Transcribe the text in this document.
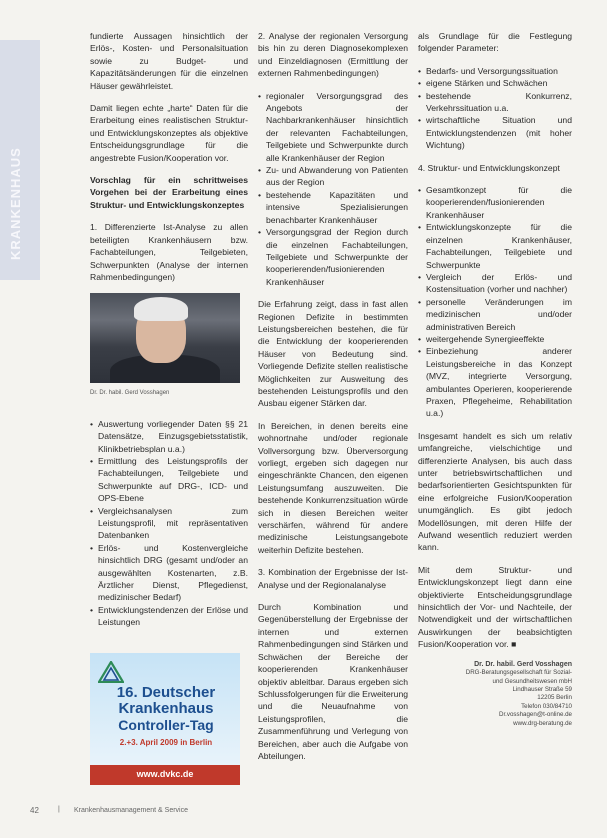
KRANKENHAUS

fundierte Aussagen hinsichtlich der Erlös-, Kosten- und Personalsituation sowie zu Budget- und Kapazitätsänderungen für die einzelnen Häuser gewährleistet.

Damit liegen echte „harte“ Daten für die Erarbeitung eines realistischen Struktur- und Entwicklungskonzeptes als objektive Entscheidungsgrundlage für die angestrebte Fusion/Kooperation vor.

Vorschlag für ein schrittweises Vorgehen bei der Erarbeitung eines Struktur- und Entwicklungskonzeptes

1. Differenzierte Ist-Analyse zu allen beteiligten Krankenhäusern bzw. Fachabteilungen, Teilgebieten, Schwerpunkten (Analyse der internen Rahmenbedingungen)

Dr. Dr. habil. Gerd Vosshagen
• Auswertung vorliegender Daten §§ 21 Datensätze, Einzugsgebietsstatistik, Klinikbetriebsplan u.a.)
• Ermittlung des Leistungsprofils der Fachabteilungen, Teilgebiete und Schwerpunkte auf DRG-, ICD- und OPS-Ebene
• Vergleichsanalysen zum Leistungsprofil, mit repräsentativen Datenbanken
• Erlös- und Kostenvergleiche hinsichtlich DRG (gesamt und/oder an ausgewählten Kostenarten, z.B. Ärztlicher Dienst, Pflegedienst, medizinischer Bedarf)
• Entwicklungstendenzen der Erlöse und Leistungen
16. Deutscher
Krankenhaus
Controller-Tag
2.+3. April 2009 in Berlin
www.dvkc.de

2. Analyse der regionalen Versorgung bis hin zu deren Diagnosekomplexen und Einzeldiagnosen (Ermittlung der externen Rahmenbedingungen)

• regionaler Versorgungsgrad des Angebots der Nachbarkrankenhäuser hinsichtlich der relevanten Fachabteilungen, Teilgebiete und Schwerpunkte durch alle Krankenhäuser der Region
• Zu- und Abwanderung von Patienten aus der Region
• bestehende Kapazitäten und intensive Spezialisierungen benachbarter Krankenhäuser
• Versorgungsgrad der Region durch die einzelnen Fachabteilungen, Teilgebiete und Schwerpunkte der kooperierenden/fusionierenden Krankenhäuser

Die Erfahrung zeigt, dass in fast allen Regionen Defizite in bestimmten Leistungsbereichen bestehen, die für die Entwicklung der kooperierenden Häuser von Bedeutung sind. Vorliegende Defizite stellen realistische Möglichkeiten zur Ausweitung des bestehenden Leistungsprofils und den Ausbau eigener Stärken dar.

In Bereichen, in denen bereits eine wohnortnahe und/oder regionale Vollversorgung bzw. Überversorgung vorliegt, ergeben sich dagegen nur eingeschränkte Chancen, den eigenen Leistungsumfang auszuweiten. Die bestehende Konkurrenzsituation würde sich in diesen Bereichen weiter verschärfen, während für andere medizinische Leistungsangebote weiterhin Defizite bestehen.

3. Kombination der Ergebnisse der Ist-Analyse und der Regionalanalyse

Durch Kombination und Gegenüberstellung der Ergebnisse der internen und externen Rahmenbedingungen sind Stärken und Schwächen der Bereiche der kooperierenden Krankenhäuser objektiv ableitbar. Daraus ergeben sich Schlussfolgerungen für die Erweiterung und die Neuaufnahme von Leistungsprofilen, die Zusammenführung und Verlegung von Bereichen, aber auch die Aufgabe von Abteilungen.

als Grundlage für die Festlegung folgender Parameter:

• Bedarfs- und Versorgungssituation
• eigene Stärken und Schwächen
• bestehende Konkurrenz, Verkehrssituation u.a.
• wirtschaftliche Situation und Entwicklungstendenzen (mit hoher Wichtung)

4. Struktur- und Entwicklungskonzept

• Gesamtkonzept für die kooperierenden/fusionierenden Krankenhäuser
• Entwicklungskonzepte für die einzelnen Krankenhäuser, Fachabteilungen, Teilgebiete und Schwerpunkte
• Vergleich der Erlös- und Kostensituation (vorher und nachher)
• personelle Veränderungen im medizinischen und/oder administrativen Bereich
• weitergehende Synergieeffekte
• Einbeziehung anderer Leistungsbereiche in das Konzept (MVZ, integrierte Versorgung, ambulantes Operieren, kooperierende Praxen, Pflegeheime, Rehabilitation u.a.)

Insgesamt handelt es sich um relativ umfangreiche, vielschichtige und differenzierte Analysen, bis auch dass unter betriebswirtschaftlichen und bedarfsorientierten Gesichtspunkten für eine erfolgreiche Fusion/Kooperation unumgänglich. Es gibt jedoch Modellösungen, mit deren Hilfe der Aufwand wesentlich reduziert werden kann.

Mit dem Struktur- und Entwicklungskonzept liegt dann eine objektivierte Entscheidungsgrundlage hinsichtlich der Vor- und Nachteile, der Notwendigkeit und der wirtschaftlichen Auswirkungen der beabsichtigten Fusion/Kooperation vor. ■

Dr. Dr. habil. Gerd Vosshagen
DRG-Beratungsgesellschaft für Sozial-
und Gesundheitswesen mbH
Lindhauser Straße 59
12205 Berlin
Telefon 030/84710
Dr.vosshagen@t-online.de
www.drg-beratung.de
42	| Krankenhausmanagement & Service
